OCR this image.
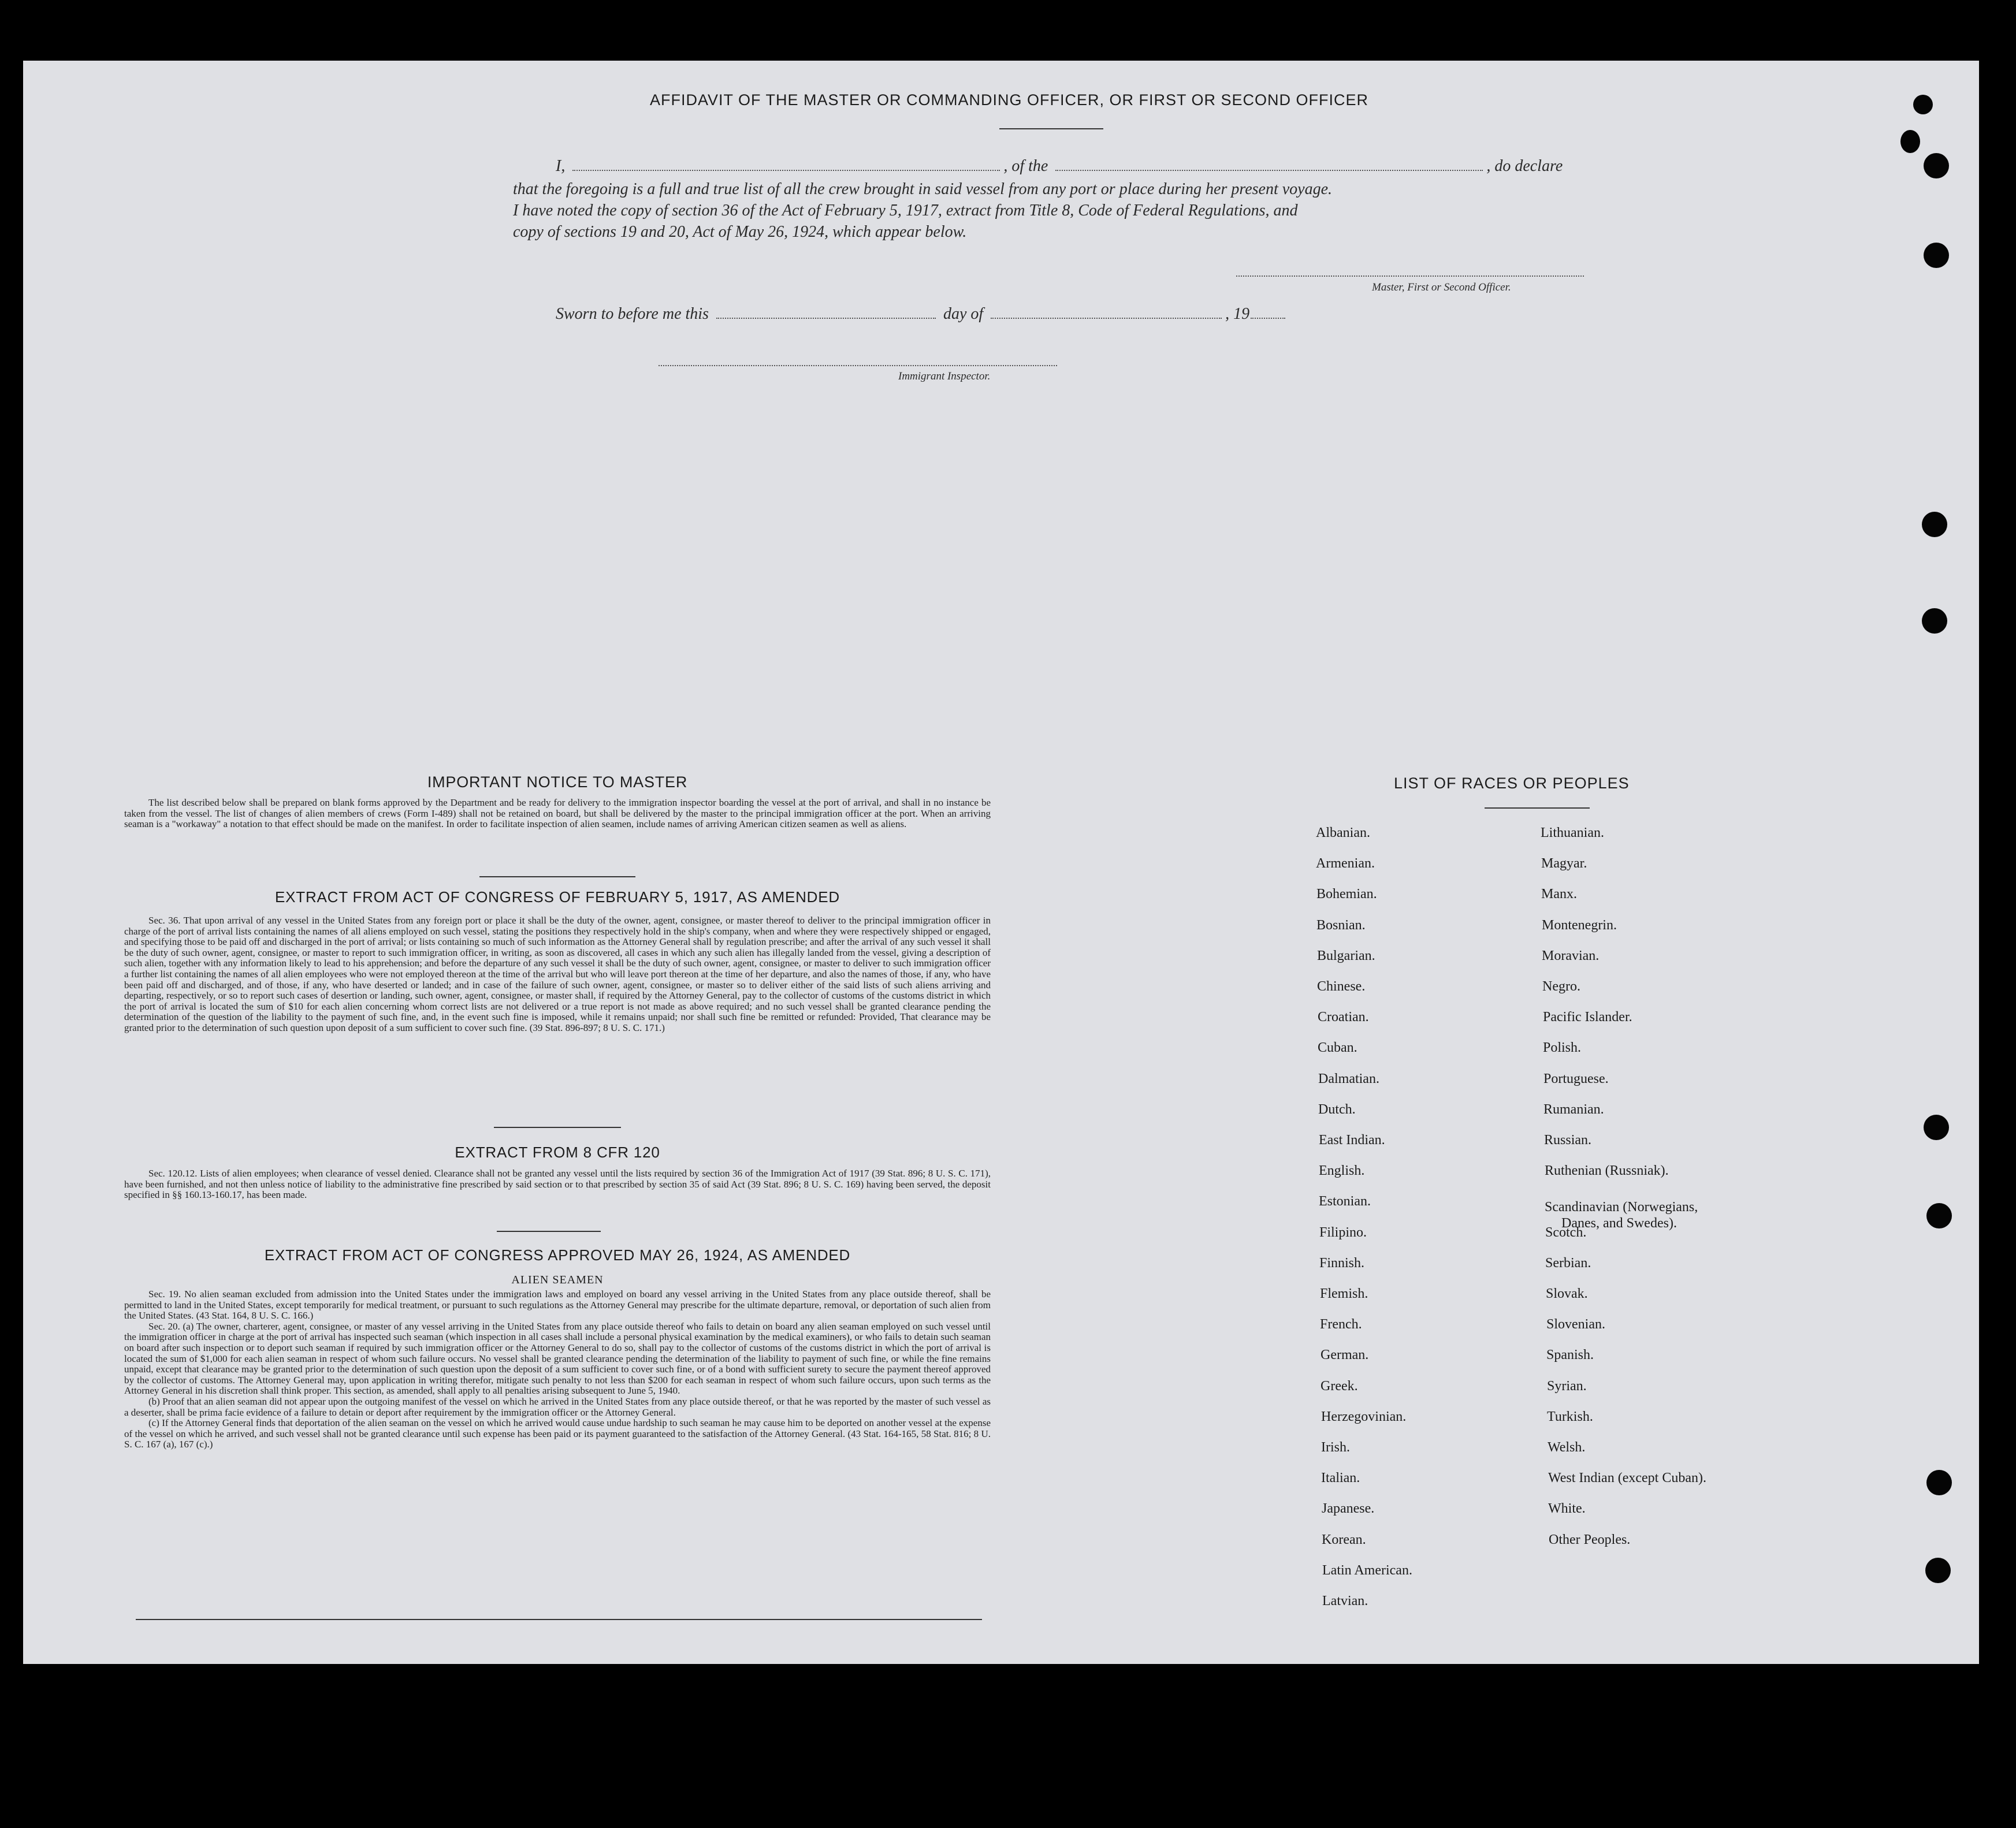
AFFIDAVIT OF THE MASTER OR COMMANDING OFFICER, OR FIRST OR SECOND OFFICER
I,	, of the	, do declare
that the foregoing is a full and true list of all the crew brought in said vessel from any port or place during her present voyage.
I have noted the copy of section 36 of the Act of February 5, 1917, extract from Title 8, Code of Federal Regulations, and
copy of sections 19 and 20, Act of May 26, 1924, which appear below.
Master, First or Second Officer.
Sworn to before me this	day of	, 19
Immigrant Inspector.
IMPORTANT NOTICE TO MASTER

The list described below shall be prepared on blank forms approved by the Department and be ready for delivery to the immigration inspector boarding the vessel at the port of arrival, and shall in no instance be taken from the vessel. The list of changes of alien members of crews (Form I-489) shall not be retained on board, but shall be delivered by the master to the principal immigration officer at the port. When an arriving seaman is a "workaway" a notation to that effect should be made on the manifest. In order to facilitate inspection of alien seamen, include names of arriving American citizen seamen as well as aliens.

EXTRACT FROM ACT OF CONGRESS OF FEBRUARY 5, 1917, AS AMENDED

Sec. 36. That upon arrival of any vessel in the United States from any foreign port or place it shall be the duty of the owner, agent, consignee, or master thereof to deliver to the principal immigration officer in charge of the port of arrival lists containing the names of all aliens employed on such vessel, stating the positions they respectively hold in the ship's company, when and where they were respectively shipped or engaged, and specifying those to be paid off and discharged in the port of arrival; or lists containing so much of such information as the Attorney General shall by regulation prescribe; and after the arrival of any such vessel it shall be the duty of such owner, agent, consignee, or master to report to such immigration officer, in writing, as soon as discovered, all cases in which any such alien has illegally landed from the vessel, giving a description of such alien, together with any information likely to lead to his apprehension; and before the departure of any such vessel it shall be the duty of such owner, agent, consignee, or master to deliver to such immigration officer a further list containing the names of all alien employees who were not employed thereon at the time of the arrival but who will leave port thereon at the time of her departure, and also the names of those, if any, who have been paid off and discharged, and of those, if any, who have deserted or landed; and in case of the failure of such owner, agent, consignee, or master so to deliver either of the said lists of such aliens arriving and departing, respectively, or so to report such cases of desertion or landing, such owner, agent, consignee, or master shall, if required by the Attorney General, pay to the collector of customs of the customs district in which the port of arrival is located the sum of $10 for each alien concerning whom correct lists are not delivered or a true report is not made as above required; and no such vessel shall be granted clearance pending the determination of the question of the liability to the payment of such fine, and, in the event such fine is imposed, while it remains unpaid; nor shall such fine be remitted or refunded: Provided, That clearance may be granted prior to the determination of such question upon deposit of a sum sufficient to cover such fine. (39 Stat. 896-897; 8 U. S. C. 171.)

EXTRACT FROM 8 CFR 120

Sec. 120.12. Lists of alien employees; when clearance of vessel denied. Clearance shall not be granted any vessel until the lists required by section 36 of the Immigration Act of 1917 (39 Stat. 896; 8 U. S. C. 171), have been furnished, and not then unless notice of liability to the administrative fine prescribed by said section or to that prescribed by section 35 of said Act (39 Stat. 896; 8 U. S. C. 169) having been served, the deposit specified in §§ 160.13-160.17, has been made.

EXTRACT FROM ACT OF CONGRESS APPROVED MAY 26, 1924, AS AMENDED
ALIEN SEAMEN

Sec. 19. No alien seaman excluded from admission into the United States under the immigration laws and employed on board any vessel arriving in the United States from any place outside thereof, shall be permitted to land in the United States, except temporarily for medical treatment, or pursuant to such regulations as the Attorney General may prescribe for the ultimate departure, removal, or deportation of such alien from the United States. (43 Stat. 164, 8 U. S. C. 166.)

Sec. 20. (a) The owner, charterer, agent, consignee, or master of any vessel arriving in the United States from any place outside thereof who fails to detain on board any alien seaman employed on such vessel until the immigration officer in charge at the port of arrival has inspected such seaman (which inspection in all cases shall include a personal physical examination by the medical examiners), or who fails to detain such seaman on board after such inspection or to deport such seaman if required by such immigration officer or the Attorney General to do so, shall pay to the collector of customs of the customs district in which the port of arrival is located the sum of $1,000 for each alien seaman in respect of whom such failure occurs. No vessel shall be granted clearance pending the determination of the liability to payment of such fine, or while the fine remains unpaid, except that clearance may be granted prior to the determination of such question upon the deposit of a sum sufficient to cover such fine, or of a bond with sufficient surety to secure the payment thereof approved by the collector of customs. The Attorney General may, upon application in writing therefor, mitigate such penalty to not less than $200 for each seaman in respect of whom such failure occurs, upon such terms as the Attorney General in his discretion shall think proper. This section, as amended, shall apply to all penalties arising subsequent to June 5, 1940.

(b) Proof that an alien seaman did not appear upon the outgoing manifest of the vessel on which he arrived in the United States from any place outside thereof, or that he was reported by the master of such vessel as a deserter, shall be prima facie evidence of a failure to detain or deport after requirement by the immigration officer or the Attorney General.

(c) If the Attorney General finds that deportation of the alien seaman on the vessel on which he arrived would cause undue hardship to such seaman he may cause him to be deported on another vessel at the expense of the vessel on which he arrived, and such vessel shall not be granted clearance until such expense has been paid or its payment guaranteed to the satisfaction of the Attorney General. (43 Stat. 164-165, 58 Stat. 816; 8 U. S. C. 167 (a), 167 (c).)

LIST OF RACES OR PEOPLES
Albanian.
Armenian.
Bohemian.
Bosnian.
Bulgarian.
Chinese.
Croatian.
Cuban.
Dalmatian.
Dutch.
East Indian.
English.
Estonian.
Filipino.
Finnish.
Flemish.
French.
German.
Greek.
Herzegovinian.
Irish.
Italian.
Japanese.
Korean.
Latin American.
Latvian.
Lithuanian.
Magyar.
Manx.
Montenegrin.
Moravian.
Negro.
Pacific Islander.
Polish.
Portuguese.
Rumanian.
Russian.
Ruthenian (Russniak).
Scandinavian (Norwegians,
Danes, and Swedes).
Scotch.
Serbian.
Slovak.
Slovenian.
Spanish.
Syrian.
Turkish.
Welsh.
West Indian (except Cuban).
White.
Other Peoples.
